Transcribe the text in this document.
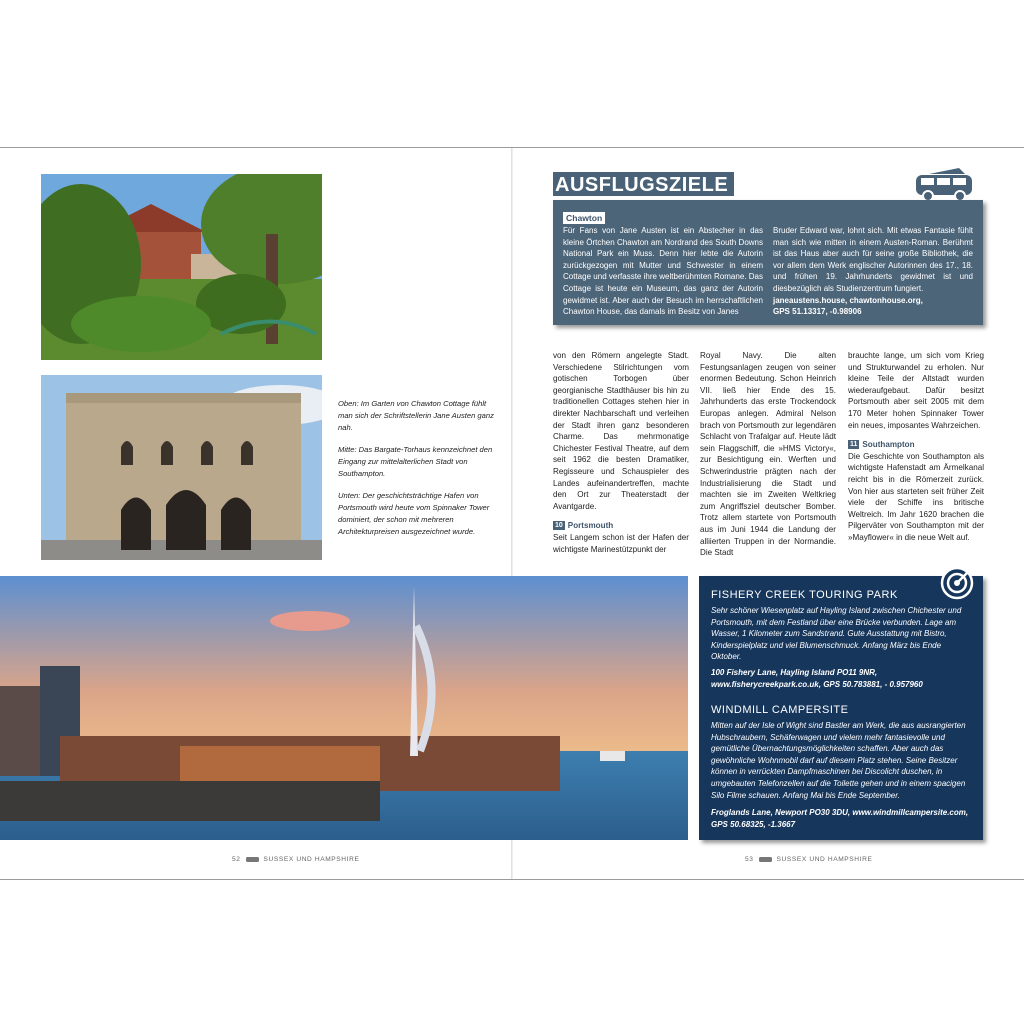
Oben: Im Garten von Chawton Cottage fühlt man sich der Schriftstellerin Jane Austen ganz nah.

Mitte: Das Bargate-Torhaus kennzeichnet den Eingang zur mittelalterlichen Stadt von Southampton.

Unten: Der geschichtsträchtige Hafen von Portsmouth wird heute vom Spinnaker Tower dominiert, der schon mit mehreren Architekturpreisen ausgezeichnet wurde.

AUSFLUGSZIELE
Chawton
Für Fans von Jane Austen ist ein Abstecher in das kleine Örtchen Chawton am Nordrand des South Downs National Park ein Muss. Denn hier lebte die Autorin zurückgezogen mit Mutter und Schwester in einem Cottage und verfasste ihre weltberühmten Romane. Das Cottage ist heute ein Museum, das ganz der Autorin gewidmet ist. Aber auch der Besuch im herrschaftlichen Chawton House, das damals im Besitz von Janes
Bruder Edward war, lohnt sich. Mit etwas Fantasie fühlt man sich wie mitten in einem Austen-Roman. Berühmt ist das Haus aber auch für seine große Bibliothek, die vor allem dem Werk englischer Autorinnen des 17., 18. und frühen 19. Jahrhunderts gewidmet ist und diesbezüglich als Studienzentrum fungiert.
janeaustens.house, chawtonhouse.org,
GPS 51.13317, -0.98906
von den Römern angelegte Stadt. Verschiedene Stilrichtungen vom gotischen Torbogen über georgianische Stadthäuser bis hin zu traditionellen Cottages stehen hier in direkter Nachbarschaft und verleihen der Stadt ihren ganz besonderen Charme. Das mehrmonatige Chichester Festival Theatre, auf dem seit 1962 die besten Dramatiker, Regisseure und Schauspieler des Landes aufeinandertreffen, machte den Ort zur Theaterstadt der Avantgarde.
10 Portsmouth
Seit Langem schon ist der Hafen der wichtigste Marinestützpunkt der
Royal Navy. Die alten Festungsanlagen zeugen von seiner enormen Bedeutung. Schon Heinrich VII. ließ hier Ende des 15. Jahrhunderts das erste Trockendock Europas anlegen. Admiral Nelson brach von Portsmouth zur legendären Schlacht von Trafalgar auf. Heute lädt sein Flaggschiff, die »HMS Victory«, zur Besichtigung ein. Werften und Schwerindustrie prägten nach der Industrialisierung die Stadt und machten sie im Zweiten Weltkrieg zum Angriffsziel deutscher Bomber. Trotz allem startete von Portsmouth aus im Juni 1944 die Landung der alliierten Truppen in der Normandie. Die Stadt
brauchte lange, um sich vom Krieg und Strukturwandel zu erholen. Nur kleine Teile der Altstadt wurden wiederaufgebaut. Dafür besitzt Portsmouth aber seit 2005 mit dem 170 Meter hohen Spinnaker Tower ein neues, imposantes Wahrzeichen.
11 Southampton
Die Geschichte von Southampton als wichtigste Hafenstadt am Ärmelkanal reicht bis in die Römerzeit zurück. Von hier aus starteten seit früher Zeit viele der Schiffe ins britische Weltreich. Im Jahr 1620 brachen die Pilgerväter von Southampton mit der »Mayflower« in die neue Welt auf.
FISHERY CREEK TOURING PARK
Sehr schöner Wiesenplatz auf Hayling Island zwischen Chichester und Portsmouth, mit dem Festland über eine Brücke verbunden. Lage am Wasser, 1 Kilometer zum Sandstrand. Gute Ausstattung mit Bistro, Kinderspielplatz und viel Blumenschmuck. Anfang März bis Ende Oktober.
100 Fishery Lane, Hayling Island PO11 9NR, www.fisherycreekpark.co.uk, GPS 50.783881, - 0.957960
WINDMILL CAMPERSITE
Mitten auf der Isle of Wight sind Bastler am Werk, die aus ausrangierten Hubschraubern, Schäferwagen und vielem mehr fantasievolle und gemütliche Übernachtungsmöglichkeiten schaffen. Aber auch das gewöhnliche Wohnmobil darf auf diesem Platz stehen. Seine Besitzer können in verrückten Dampfmaschinen bei Discolicht duschen, in umgebauten Telefonzellen auf die Toilette gehen und in einem spacigen Silo Filme schauen. Anfang Mai bis Ende September.
Froglands Lane, Newport PO30 3DU, www.windmillcampersite.com, GPS 50.68325, -1.3667
52	SUSSEX UND HAMPSHIRE	53	SUSSEX UND HAMPSHIRE
